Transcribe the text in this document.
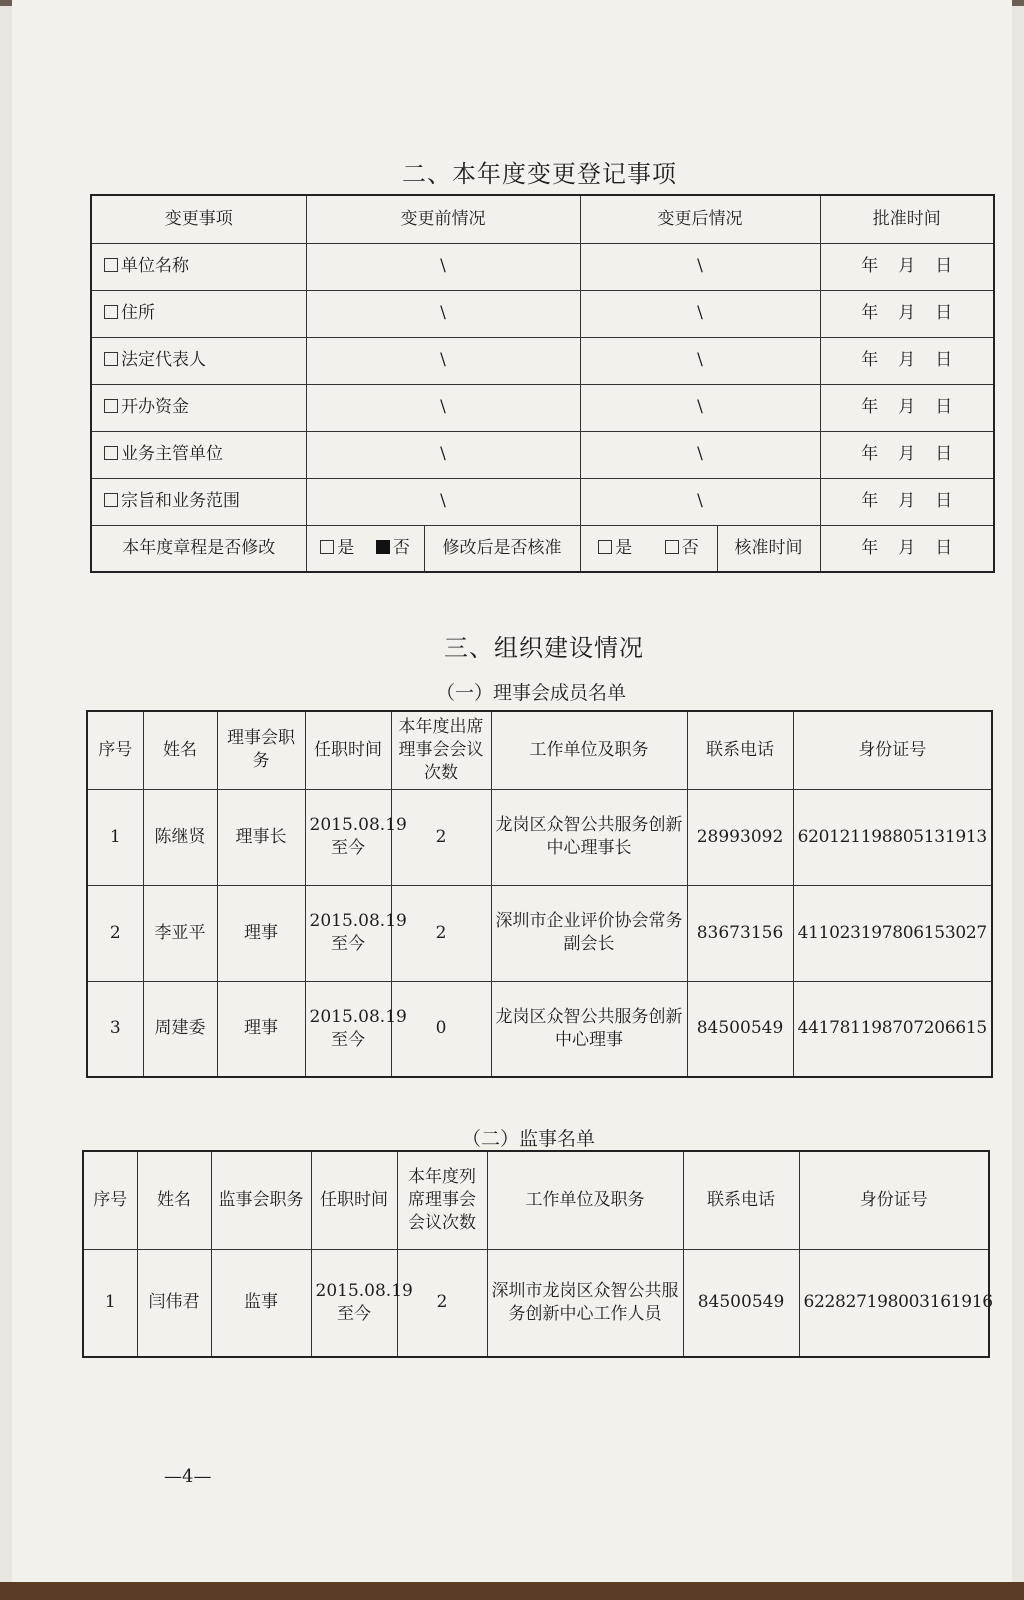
二、本年度变更登记事项
变更事项	变更前情况		变更后情况		批准时间
单位名称	\		\		年 月 日
住所	\		\		年 月 日
法定代表人	\		\		年 月 日
开办资金	\		\		年 月 日
业务主管单位	\		\		年 月 日
宗旨和业务范围	\		\		年 月 日
本年度章程是否修改	是 否	修改后是否核准	是 否	核准时间	年 月 日
三、组织建设情况
（一）理事会成员名单
序号	姓名	理事会职务	任职时间	本年度出席理事会会议次数	工作单位及职务	联系电话	身份证号
1	陈继贤	理事长	2015.08.19至今	2	龙岗区众智公共服务创新中心理事长	28993092	620121198805131913
2	李亚平	理事	2015.08.19至今	2	深圳市企业评价协会常务副会长	83673156	411023197806153027
3	周建委	理事	2015.08.19至今	0	龙岗区众智公共服务创新中心理事	84500549	441781198707206615
（二）监事名单
序号	姓名	监事会职务	任职时间	本年度列席理事会会议次数	工作单位及职务	联系电话	身份证号
1	闫伟君	监事	2015.08.19至今	2	深圳市龙岗区众智公共服务创新中心工作人员	84500549	622827198003161916
—4—
